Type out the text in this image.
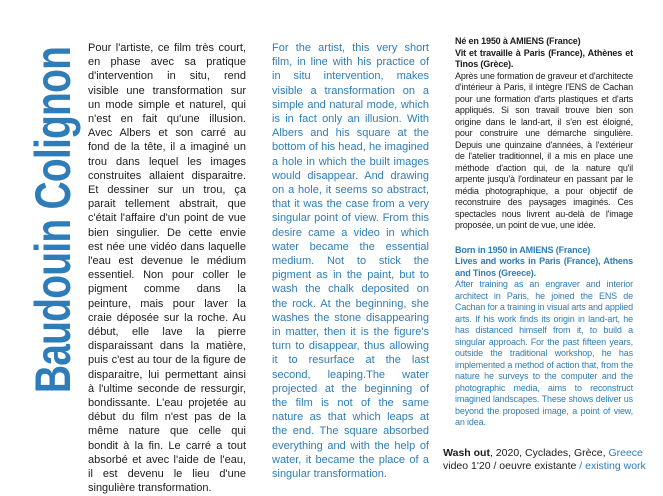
Baudouin Colignon Pour l'artiste, ce film très court, en phase avec sa pratique d'intervention in situ, rend visible une transformation sur un mode simple et naturel, qui n'est en fait qu'une illusion. Avec Albers et son carré au fond de la tête, il a imaginé un trou dans lequel les images construites allaient disparaitre. Et dessiner sur un trou, ça parait tellement abstrait, que c'était l'affaire d'un point de vue bien singulier. De cette envie est née une vidéo dans laquelle l'eau est devenue le médium essentiel. Non pour coller le pigment comme dans la peinture, mais pour laver la craie déposée sur la roche. Au début, elle lave la pierre disparaissant dans la matière, puis c'est au tour de la figure de disparaitre, lui permettant ainsi à l'ultime seconde de ressurgir, bondissante. L'eau projetée au début du film n'est pas de la même nature que celle qui bondit à la fin. Le carré a tout absorbé et avec l'aide de l'eau, il est devenu le lieu d'une singulière transformation.
For the artist, this very short film, in line with his practice of in situ intervention, makes visible a transformation on a simple and natural mode, which is in fact only an illusion. With Albers and his square at the bottom of his head, he imagined a hole in which the built images would disappear. And drawing on a hole, it seems so abstract, that it was the case from a very singular point of view. From this desire came a video in which water became the essential medium. Not to stick the pigment as in the paint, but to wash the chalk deposited on the rock. At the beginning, she washes the stone disappearing in matter, then it is the figure's turn to disappear, thus allowing it to resurface at the last second, leaping.The water projected at the beginning of the film is not of the same nature as that which leaps at the end. The square absorbed everything and with the help of water, it became the place of a singular transformation.
Né en 1950 à AMIENS (France)
Vit et travaille à Paris (France), Athènes et Tinos (Grèce).
Après une formation de graveur et d'architecte d'intérieur à Paris, il intègre l'ENS de Cachan pour une formation d'arts plastiques et d'arts appliqués. Si son travail trouve bien son origine dans le land-art, il s'en est éloigné, pour construire une démarche singulière. Depuis une quinzaine d'années, à l'extérieur de l'atelier traditionnel, il a mis en place une méthode d'action qui, de la nature qu'il arpente jusqu'à l'ordinateur en passant par le média photographique, a pour objectif de reconstruire des paysages imaginés. Ces spectacles nous livrent au-delà de l'image proposée, un point de vue, une idée.
Born in 1950 in AMIENS (France)
Lives and works in Paris (France), Athens and Tinos (Greece).
After training as an engraver and interior architect in Paris, he joined the ENS de Cachan for a training in visual arts and applied arts. If his work finds its origin in land-art, he has distanced himself from it, to build a singular approach. For the past fifteen years, outside the traditional workshop, he has implemented a method of action that, from the nature he surveys to the computer and the photographic media, aims to reconstruct imagined landscapes. These shows deliver us beyond the proposed image, a point of view, an idea.
Wash out, 2020, Cyclades, Grèce, Greece
video 1'20 / oeuvre existante / existing work
